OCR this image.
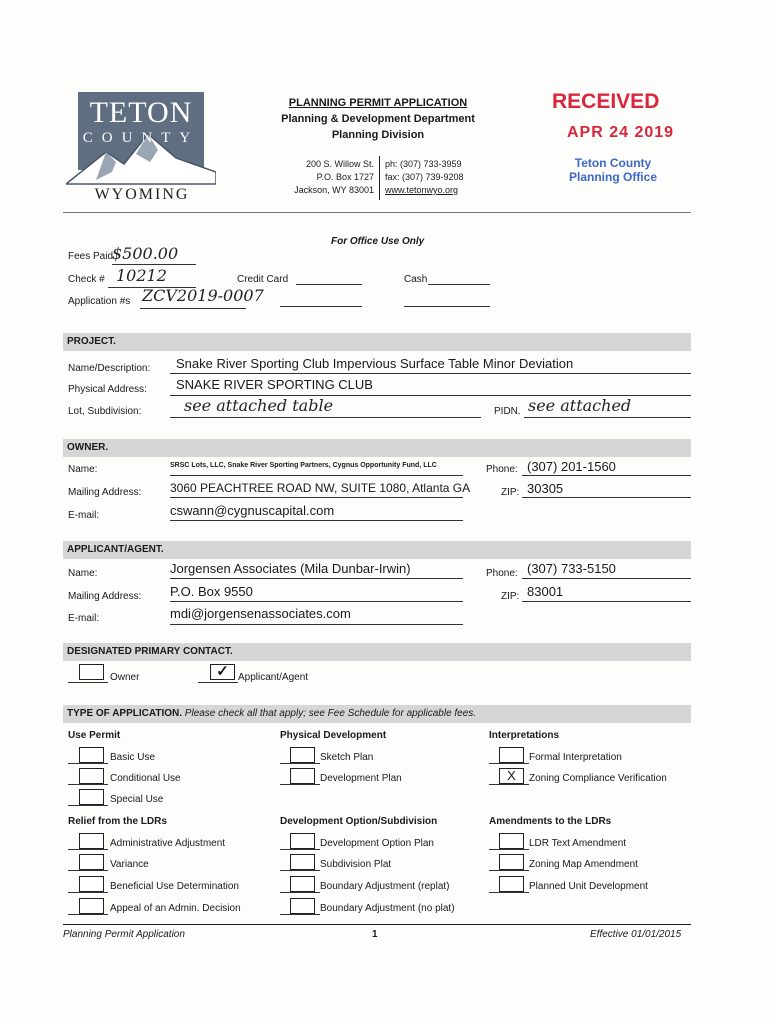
TETON
COUNTY
WYOMING
PLANNING PERMIT APPLICATION
Planning & Development Department
Planning Division
200 S. Willow St.
P.O. Box 1727
Jackson, WY 83001
ph: (307) 733-3959
fax: (307) 739-9208
www.tetonwyo.org
RECEIVED
APR 24 2019
Teton County
Planning Office
For Office Use Only
Fees Paid
$500.00
Check # 10212	Credit Card	Cash
Application #s ZCV2019-0007
PROJECT.
Name/Description: Snake River Sporting Club Impervious Surface Table Minor Deviation
Physical Address: SNAKE RIVER SPORTING CLUB
Lot, Subdivision:	see attached table	PIDN. see attached
OWNER.
Name:	SRSC Lots, LLC, Snake River Sporting Partners, Cygnus Opportunity Fund, LLC	Phone: (307) 201-1560
Mailing Address: 3060 PEACHTREE ROAD NW, SUITE 1080, Atlanta GA	ZIP: 30305
E-mail:	cswann@cygnuscapital.com
APPLICANT/AGENT.
Name:	Jorgensen Associates (Mila Dunbar-Irwin)	Phone: (307) 733-5150
Mailing Address: P.O. Box 9550	ZIP: 83001
E-mail:	mdi@jorgensenassociates.com
DESIGNATED PRIMARY CONTACT.
Owner	✓ Applicant/Agent
TYPE OF APPLICATION. Please check all that apply; see Fee Schedule for applicable fees.
Use Permit
Basic Use
Conditional Use
Special Use
Physical Development
Sketch Plan
Development Plan
Interpretations
Formal Interpretation
X	Zoning Compliance Verification
Relief from the LDRs
Administrative Adjustment
Variance
Beneficial Use Determination
Appeal of an Admin. Decision
Development Option/Subdivision
Development Option Plan
Subdivision Plat
Boundary Adjustment (replat)
Boundary Adjustment (no plat)
Amendments to the LDRs
LDR Text Amendment
Zoning Map Amendment
Planned Unit Development
Planning Permit Application	1	Effective 01/01/2015
